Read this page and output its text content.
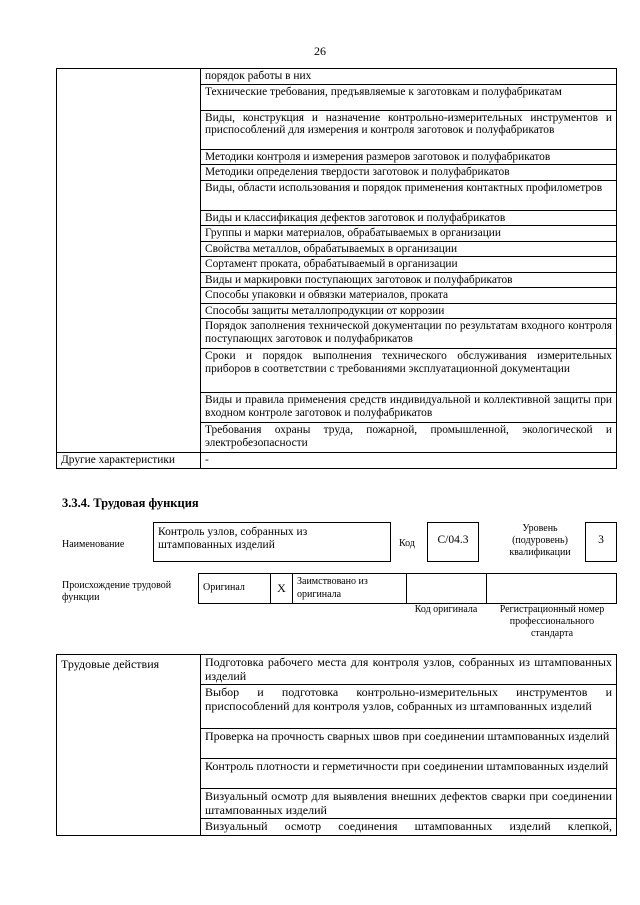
26
	порядок работы в них
	Технические требования, предъявляемые к заготовкам и полуфабрикатам
	Виды, конструкция и назначение контрольно-измерительных инструментов и приспособлений для измерения и контроля заготовок и полуфабрикатов
	Методики контроля и измерения размеров заготовок и полуфабрикатов
	Методики определения твердости заготовок и полуфабрикатов
	Виды, области использования и порядок применения контактных профилометров
	Виды и классификация дефектов заготовок и полуфабрикатов
	Группы и марки материалов, обрабатываемых в организации
	Свойства металлов, обрабатываемых в организации
	Сортамент проката, обрабатываемый в организации
	Виды и маркировки поступающих заготовок и полуфабрикатов
	Способы упаковки и обвязки материалов, проката
	Способы защиты металлопродукции от коррозии
	Порядок заполнения технической документации по результатам входного контроля поступающих заготовок и полуфабрикатов
	Сроки и порядок выполнения технического обслуживания измерительных приборов в соответствии с требованиями эксплуатационной документации
	Виды и правила применения средств индивидуальной и коллективной защиты при входном контроле заготовок и полуфабрикатов
	Требования охраны труда, пожарной, промышленной, экологической и электробезопасности
Другие характеристики	-
3.3.4. Трудовая функция
Наименование
Контроль узлов, собранных из штампованных изделий	Код	С/04.3
Уровень (подуровень) квалификации
3
Происхождение трудовой функции
Оригинал	X	Заимствовано из оригинала		
Код оригинала	Регистрационный номер профессионального стандарта
Трудовые действия	Подготовка рабочего места для контроля узлов, собранных из штампованных изделий
Выбор и подготовка контрольно-измерительных инструментов и приспособлений для контроля узлов, собранных из штампованных изделий
Проверка на прочность сварных швов при соединении штампованных изделий
Контроль плотности и герметичности при соединении штампованных изделий
Визуальный осмотр для выявления внешних дефектов сварки при соединении штампованных изделий
Визуальный осмотр соединения штампованных изделий клепкой,
